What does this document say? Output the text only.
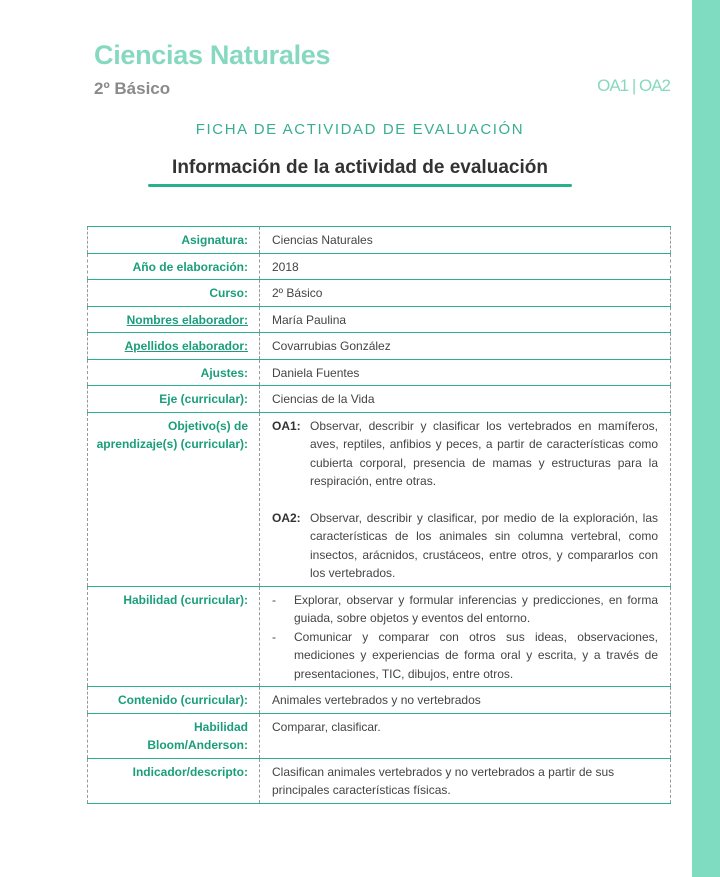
Ciencias Naturales
2º Básico	OA1 | OA2
FICHA DE ACTIVIDAD DE EVALUACIÓN
Información de la actividad de evaluación
Asignatura:	Ciencias Naturales
Año de elaboración:	2018
Curso:	2º Básico
Nombres elaborador:	María Paulina
Apellidos elaborador:	Covarrubias González
Ajustes:	Daniela Fuentes
Eje (curricular):	Ciencias de la Vida
Objetivo(s) de aprendizaje(s) (curricular):	OA1: Observar, describir y clasificar los vertebrados en mamíferos, aves, reptiles, anfibios y peces, a partir de características como cubierta corporal, presencia de mamas y estructuras para la respiración, entre otras.
OA2: Observar, describir y clasificar, por medio de la exploración, las características de los animales sin columna vertebral, como insectos, arácnidos, crustáceos, entre otros, y compararlos con los vertebrados.

Habilidad (curricular):	- Explorar, observar y formular inferencias y predicciones, en forma guiada, sobre objetos y eventos del entorno.
- Comunicar y comparar con otros sus ideas, observaciones, mediciones y experiencias de forma oral y escrita, y a través de presentaciones, TIC, dibujos, entre otros.

Contenido (curricular):	Animales vertebrados y no vertebrados
Habilidad Bloom/Anderson:	Comparar, clasificar.
Indicador/descripto:	Clasifican animales vertebrados y no vertebrados a partir de sus principales características físicas.
